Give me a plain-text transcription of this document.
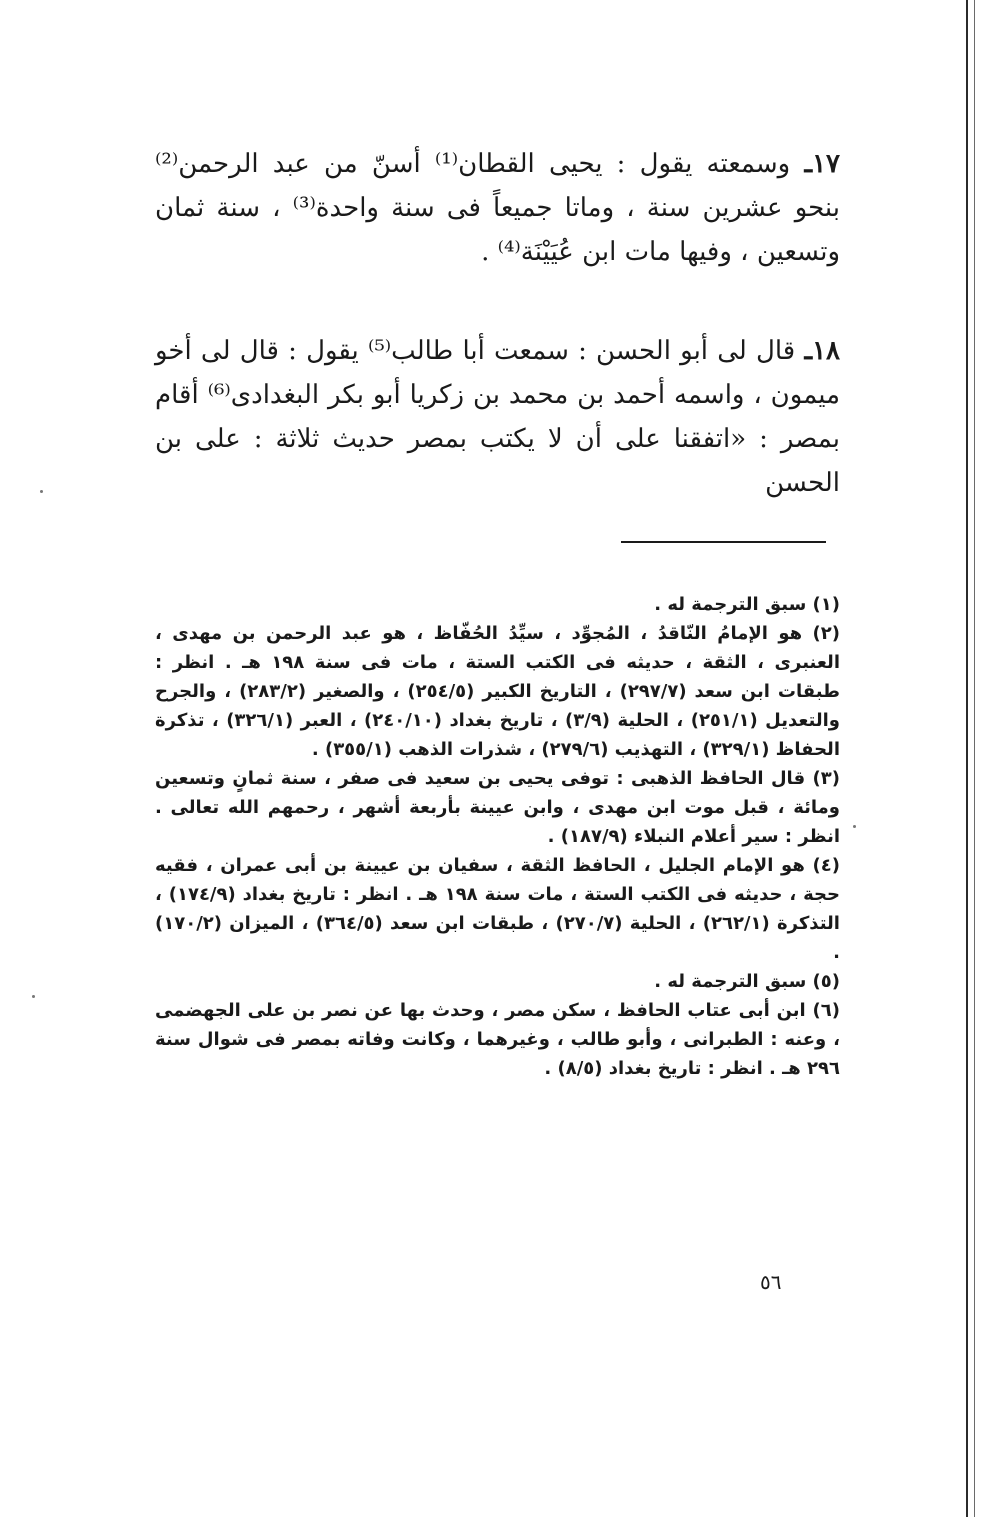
١٧ـ وسمعته يقول : يحيى القطان⁽¹⁾ أسنّ من عبد الرحمن⁽²⁾ بنحو عشرين سنة ، وماتا جميعاً فى سنة واحدة⁽³⁾ ، سنة ثمان وتسعين ، وفيها مات ابن عُيَيْنَة⁽⁴⁾ .

١٨ـ قال لى أبو الحسن : سمعت أبا طالب⁽⁵⁾ يقول : قال لى أخو ميمون ، واسمه أحمد بن محمد بن زكريا أبو بكر البغدادى⁽⁶⁾ أقام بمصر : «اتفقنا على أن لا يكتب بمصر حديث ثلاثة : على بن الحسن

(١) سبق الترجمة له .

(٢) هو الإمامُ النّاقدُ ، المُجوِّد ، سيِّدُ الحُفّاظ ، هو عبد الرحمن بن مهدى ، العنبرى ، الثقة ، حديثه فى الكتب الستة ، مات فى سنة ١٩٨ هـ . انظر : طبقات ابن سعد (٢٩٧/٧) ، التاريخ الكبير (٢٥٤/٥) ، والصغير (٢٨٣/٢) ، والجرح والتعديل (٢٥١/١) ، الحلية (٣/٩) ، تاريخ بغداد (٢٤٠/١٠) ، العبر (٣٢٦/١) ، تذكرة الحفاظ (٣٢٩/١) ، التهذيب (٢٧٩/٦) ، شذرات الذهب (٣٥٥/١) .

(٣) قال الحافظ الذهبى : توفى يحيى بن سعيد فى صفر ، سنة ثمانٍ وتسعين ومائة ، قبل موت ابن مهدى ، وابن عيينة بأربعة أشهر ، رحمهم الله تعالى . انظر : سير أعلام النبلاء (١٨٧/٩) .

(٤) هو الإمام الجليل ، الحافظ الثقة ، سفيان بن عيينة بن أبى عمران ، فقيه حجة ، حديثه فى الكتب الستة ، مات سنة ١٩٨ هـ . انظر : تاريخ بغداد (١٧٤/٩) ، التذكرة (٢٦٢/١) ، الحلية (٢٧٠/٧) ، طبقات ابن سعد (٣٦٤/٥) ، الميزان (١٧٠/٢) .

(٥) سبق الترجمة له .

(٦) ابن أبى عتاب الحافظ ، سكن مصر ، وحدث بها عن نصر بن على الجهضمى ، وعنه : الطبرانى ، وأبو طالب ، وغيرهما ، وكانت وفاته بمصر فى شوال سنة ٢٩٦ هـ . انظر : تاريخ بغداد (٨/٥) .

٥٦
